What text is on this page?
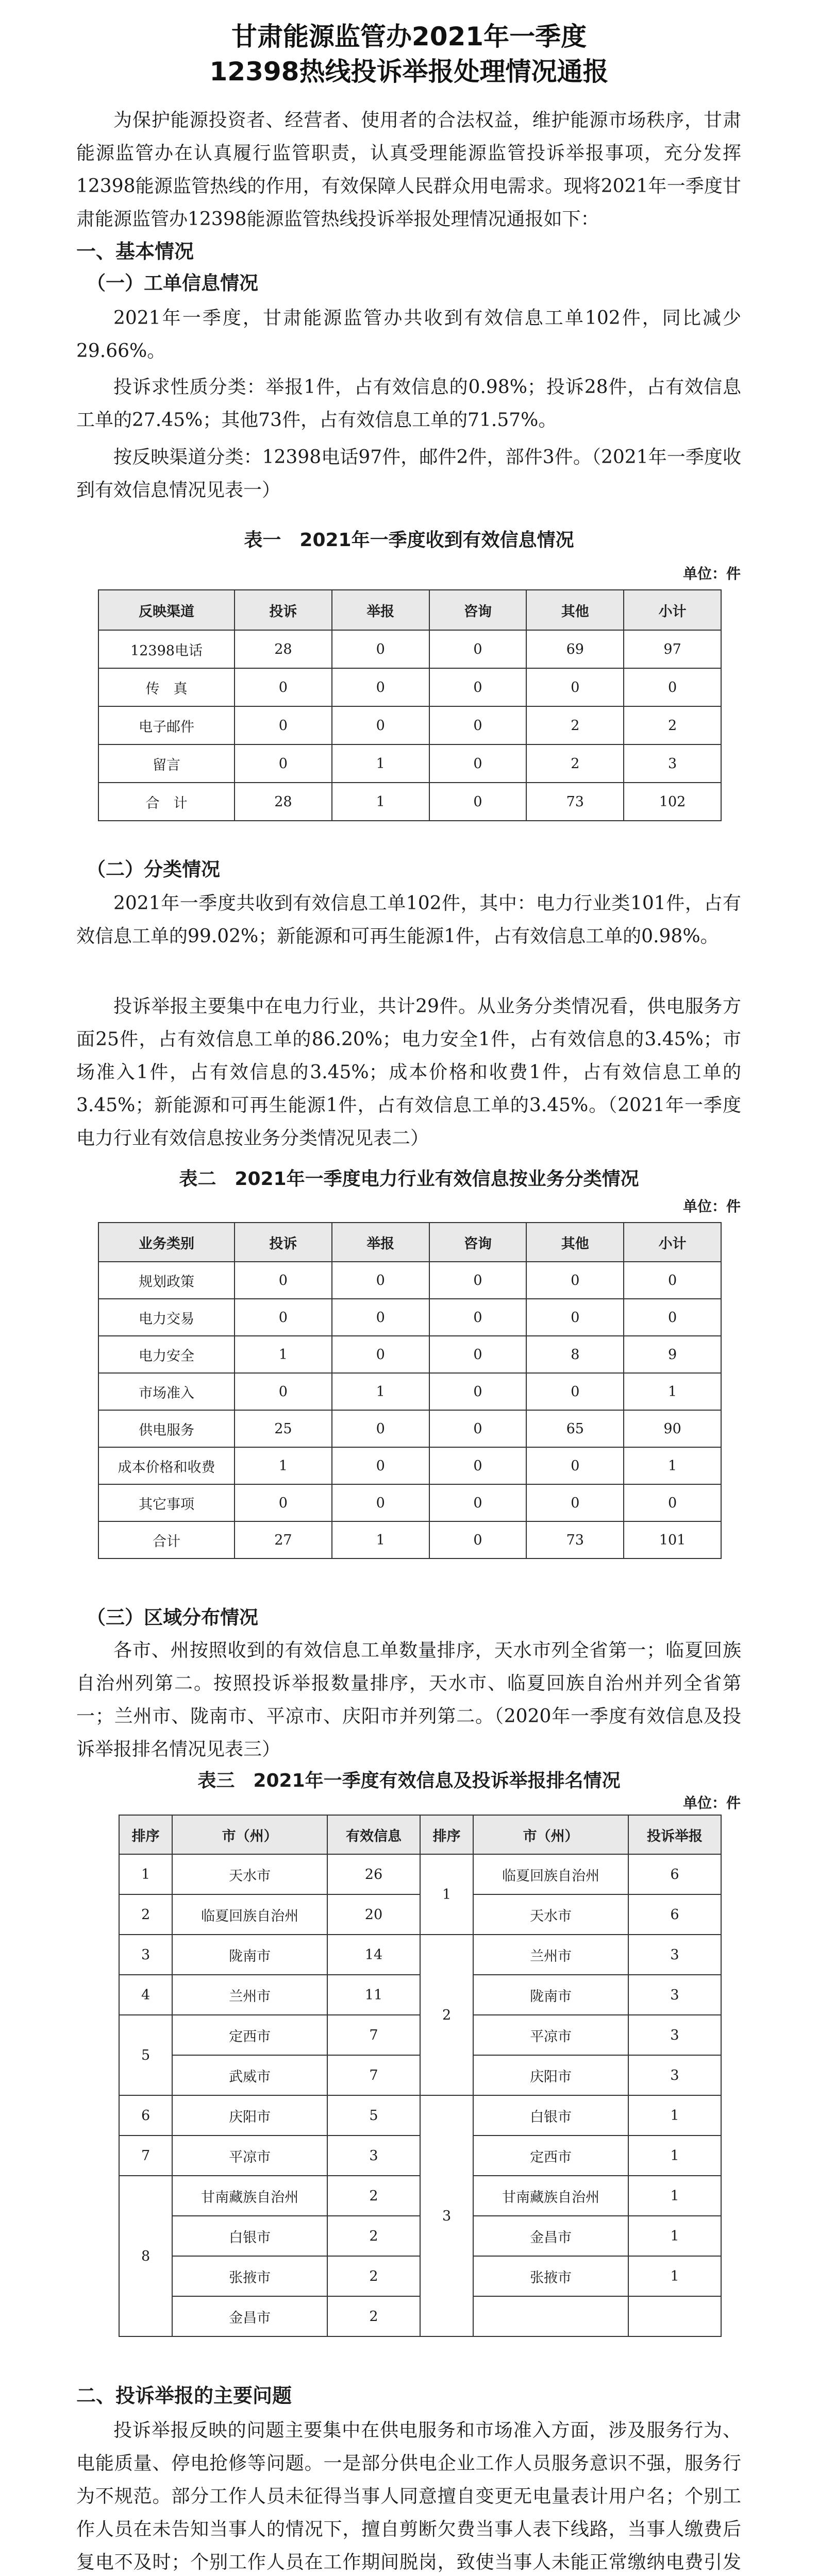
甘肃能源监管办2021年一季度
12398热线投诉举报处理情况通报

为保护能源投资者、经营者、使用者的合法权益，维护能源市场秩序，甘肃能源监管办在认真履行监管职责，认真受理能源监管投诉举报事项，充分发挥12398能源监管热线的作用，有效保障人民群众用电需求。现将2021年一季度甘肃能源监管办12398能源监管热线投诉举报处理情况通报如下：

一、基本情况
（一）工单信息情况

2021年一季度，甘肃能源监管办共收到有效信息工单102件，同比减少29.66%。

投诉求性质分类：举报1件，占有效信息的0.98%；投诉28件，占有效信息工单的27.45%；其他73件，占有效信息工单的71.57%。

按反映渠道分类：12398电话97件，邮件2件，部件3件。（2021年一季度收到有效信息情况见表一）

表一　2021年一季度收到有效信息情况
单位：件
反映渠道	投诉	举报	咨询	其他	小计
12398电话	28	0	0	69	97
传　真	0	0	0	0	0
电子邮件	0	0	0	2	2
留言	0	1	0	2	3
合　计	28	1	0	73	102
（二）分类情况

2021年一季度共收到有效信息工单102件，其中：电力行业类101件，占有效信息工单的99.02%；新能源和可再生能源1件，占有效信息工单的0.98%。

投诉举报主要集中在电力行业，共计29件。从业务分类情况看，供电服务方面25件，占有效信息工单的86.20%；电力安全1件，占有效信息的3.45%；市场准入1件，占有效信息的3.45%；成本价格和收费1件，占有效信息工单的3.45%；新能源和可再生能源1件，占有效信息工单的3.45%。（2021年一季度电力行业有效信息按业务分类情况见表二）

表二　2021年一季度电力行业有效信息按业务分类情况
单位：件
业务类别	投诉	举报	咨询	其他	小计
规划政策	0	0	0	0	0
电力交易	0	0	0	0	0
电力安全	1	0	0	8	9
市场准入	0	1	0	0	1
供电服务	25	0	0	65	90
成本价格和收费	1	0	0	0	1
其它事项	0	0	0	0	0
合计	27	1	0	73	101
（三）区域分布情况

各市、州按照收到的有效信息工单数量排序，天水市列全省第一；临夏回族自治州列第二。按照投诉举报数量排序，天水市、临夏回族自治州并列全省第一；兰州市、陇南市、平凉市、庆阳市并列第二。（2020年一季度有效信息及投诉举报排名情况见表三）

表三　2021年一季度有效信息及投诉举报排名情况
单位：件
排序	市（州）	有效信息	排序	市（州）	投诉举报
1	天水市	26	1	临夏回族自治州	6
2	临夏回族自治州	20		天水市	6
3	陇南市	14	2	兰州市	3
4	兰州市	11		陇南市	3
5	定西市	7		平凉市	3
	武威市	7		庆阳市	3
6	庆阳市	5	3	白银市	1
7	平凉市	3		定西市	1
8	甘南藏族自治州	2		甘南藏族自治州	1
	白银市	2		金昌市	1
	张掖市	2		张掖市	1
	金昌市	2			
二、投诉举报的主要问题

投诉举报反映的问题主要集中在供电服务和市场准入方面，涉及服务行为、电能质量、停电抢修等问题。一是部分供电企业工作人员服务意识不强，服务行为不规范。部分工作人员未征得当事人同意擅自变更无电量表计用户名；个别工作人员在未告知当事人的情况下，擅自剪断欠费当事人表下线路，当事人缴费后复电不及时；个别工作人员在工作期间脱岗，致使当事人未能正常缴纳电费引发
